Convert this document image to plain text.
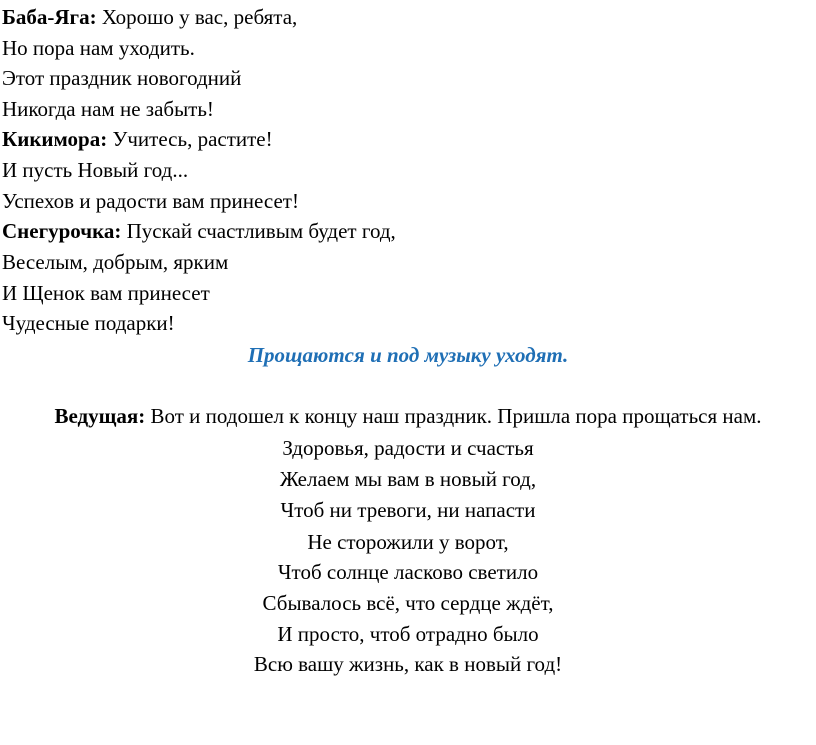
Баба-Яга: Хорошо у вас, ребята,
Но пора нам уходить.
Этот праздник новогодний
Никогда нам не забыть!
Кикимора: Учитесь, растите!
И пусть Новый год...
Успехов и радости вам принесет!
Снегурочка: Пускай счастливым будет год,
Веселым, добрым, ярким
И Щенок вам принесет
Чудесные подарки!
Прощаются и под музыку уходят.
Ведущая: Вот и подошел к концу наш праздник. Пришла пора прощаться нам.
Здоровья, радости и счастья
Желаем мы вам в новый год,
Чтоб ни тревоги, ни напасти
Не сторожили у ворот,
Чтоб солнце ласково светило
Сбывалось всё, что сердце ждёт,
И просто, чтоб отрадно было
Всю вашу жизнь, как в новый год!
